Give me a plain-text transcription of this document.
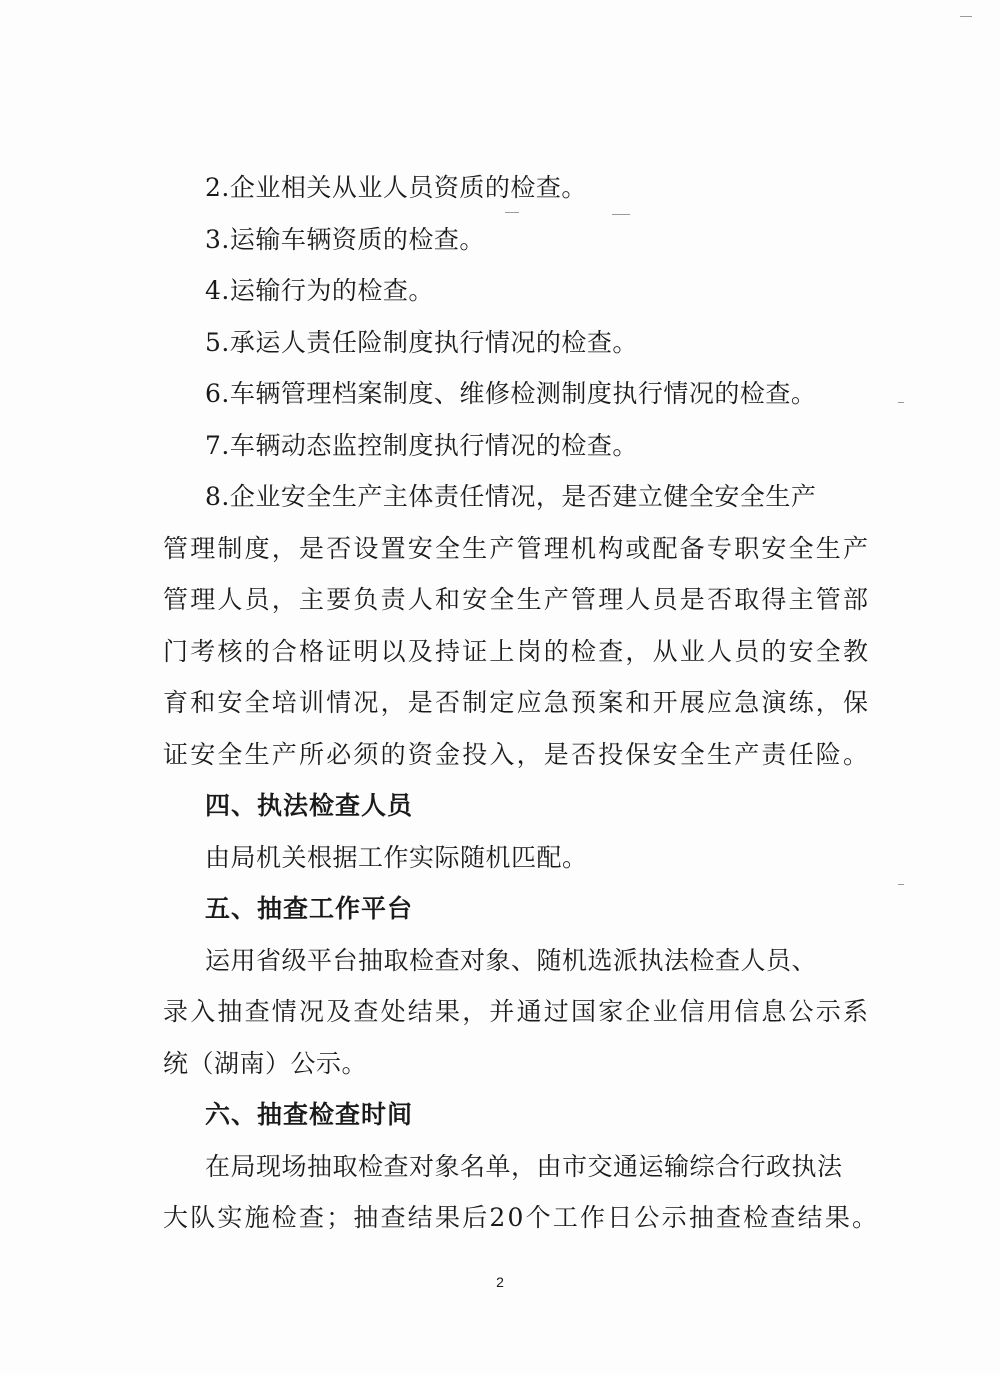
2.企业相关从业人员资质的检查。
3.运输车辆资质的检查。
4.运输行为的检查。
5.承运人责任险制度执行情况的检查。
6.车辆管理档案制度、维修检测制度执行情况的检查。
7.车辆动态监控制度执行情况的检查。
8.企业安全生产主体责任情况，是否建立健全安全生产
管理制度，是否设置安全生产管理机构或配备专职安全生产
管理人员，主要负责人和安全生产管理人员是否取得主管部
门考核的合格证明以及持证上岗的检查，从业人员的安全教
育和安全培训情况，是否制定应急预案和开展应急演练，保
证安全生产所必须的资金投入，是否投保安全生产责任险。
四、执法检查人员
由局机关根据工作实际随机匹配。
五、抽查工作平台
运用省级平台抽取检查对象、随机选派执法检查人员、
录入抽查情况及查处结果，并通过国家企业信用信息公示系
统（湖南）公示。
六、抽查检查时间
在局现场抽取检查对象名单，由市交通运输综合行政执法
大队实施检查；抽查结果后20个工作日公示抽查检查结果。
2
